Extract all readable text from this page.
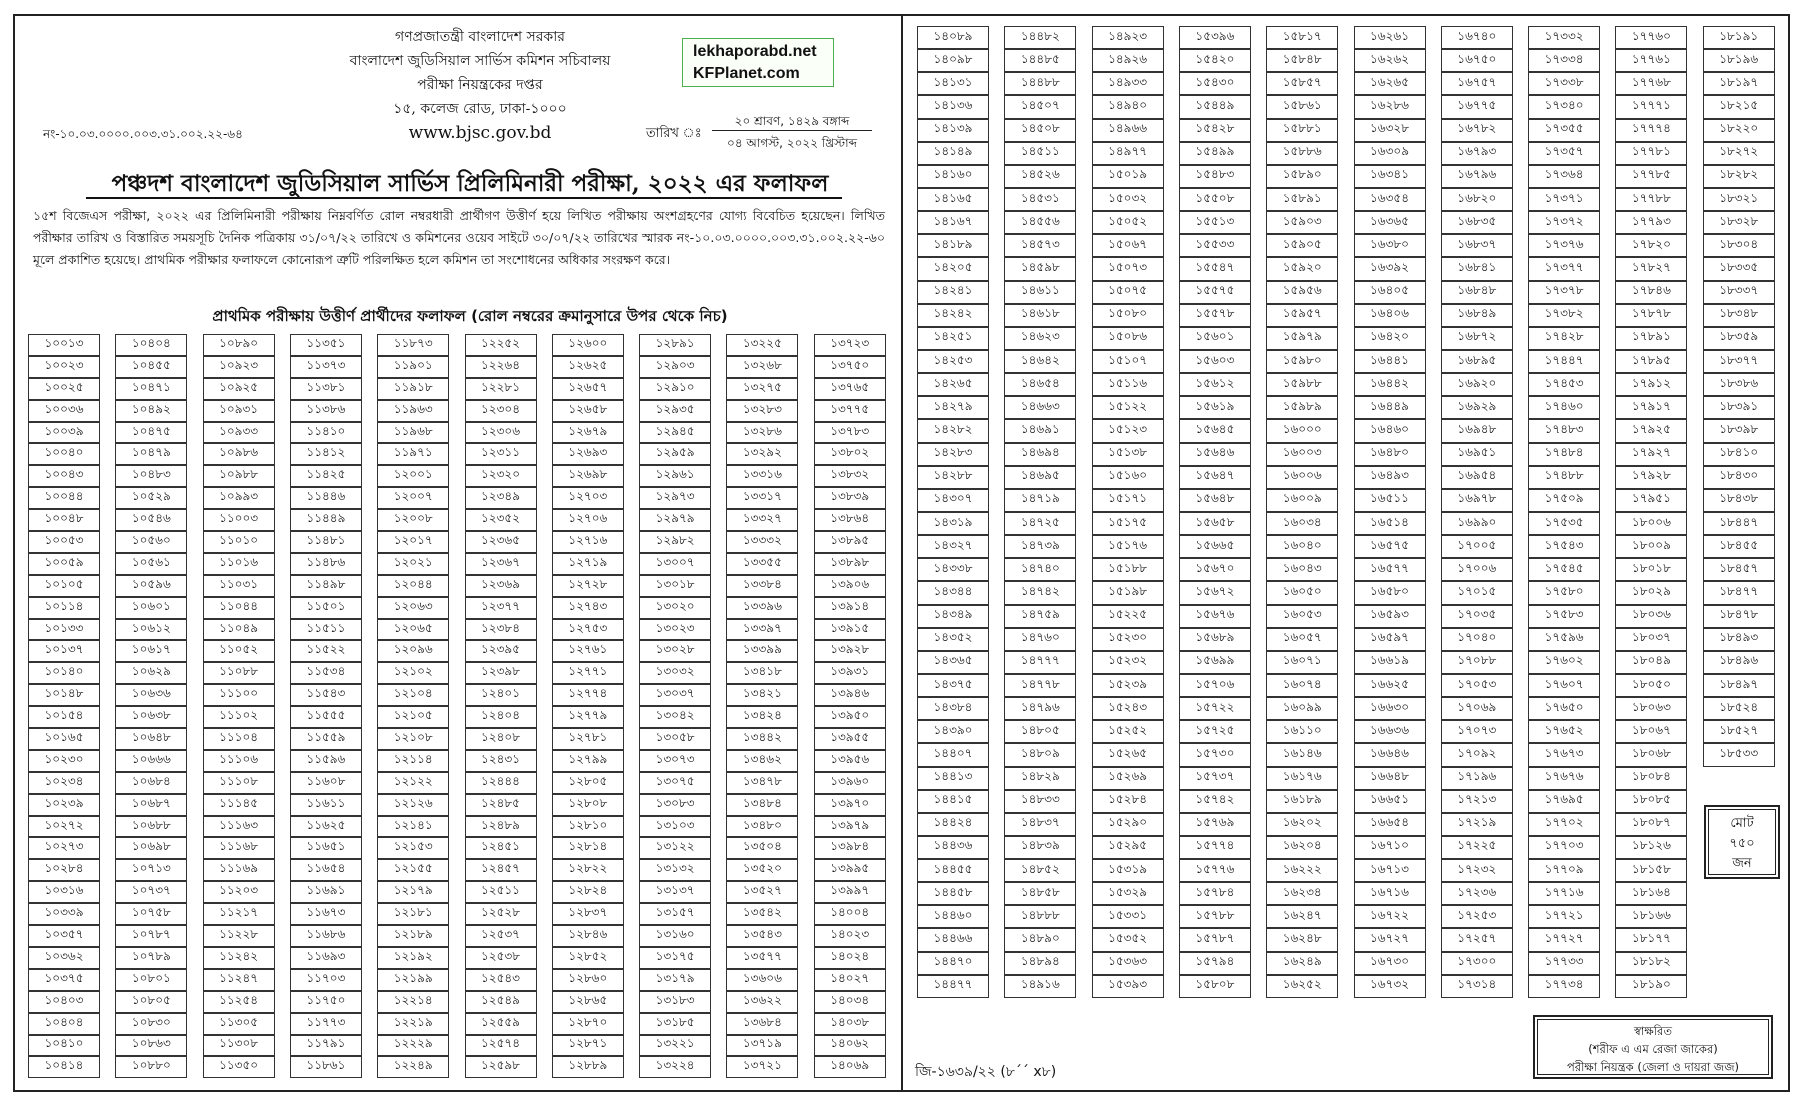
গণপ্রজাতন্ত্রী বাংলাদেশ সরকার
বাংলাদেশ জুডিসিয়াল সার্ভিস কমিশন সচিবালয়
পরীক্ষা নিয়ন্ত্রকের দপ্তর
১৫, কলেজ রোড, ঢাকা-১০০০
www.bjsc.gov.bd
lekhaporabd.net
KFPlanet.com
নং-১০.০৩.০০০০.০০৩.৩১.০০২.২২-৬৪	তারিখ ঃ
২০ শ্রাবণ, ১৪২৯ বঙ্গাব্দ
০৪ আগস্ট, ২০২২ খ্রিস্টাব্দ
পঞ্চদশ বাংলাদেশ জুডিসিয়াল সার্ভিস প্রিলিমিনারী পরীক্ষা, ২০২২ এর ফলাফল
১৫শ বিজেএস পরীক্ষা, ২০২২ এর প্রিলিমিনারী পরীক্ষায় নিম্নবর্ণিত রোল নম্বরধারী প্রার্থীগণ উত্তীর্ণ হয়ে লিখিত পরীক্ষায় অংশগ্রহণের যোগ্য বিবেচিত হয়েছেন। লিখিত পরীক্ষার তারিখ ও বিস্তারিত সময়সূচি দৈনিক পত্রিকায় ৩১/০৭/২২ তারিখে ও কমিশনের ওয়েব সাইটে ৩০/০৭/২২ তারিখের স্মারক নং-১০.০৩.০০০০.০০৩.৩১.০০২.২২-৬০ মূলে প্রকাশিত হয়েছে। প্রাথমিক পরীক্ষার ফলাফলে কোনোরূপ ত্রুটি পরিলক্ষিত হলে কমিশন তা সংশোধনের অধিকার সংরক্ষণ করে।
প্রাথমিক পরীক্ষায় উত্তীর্ণ প্রার্থীদের ফলাফল (রোল নম্বরের ক্রমানুসারে উপর থেকে নিচ)
১০০১৩
১০০২৩
১০০২৫
১০০৩৬
১০০৩৯
১০০৪০
১০০৪৩
১০০৪৪
১০০৪৮
১০০৫৩
১০০৫৯
১০১০৫
১০১১৪
১০১৩৩
১০১৩৭
১০১৪০
১০১৪৮
১০১৫৪
১০১৬৫
১০২৩০
১০২৩৪
১০২৩৯
১০২৭২
১০২৭৩
১০২৮৪
১০৩১৬
১০৩৩৯
১০৩৫৭
১০৩৬২
১০৩৭৫
১০৪০৩
১০৪০৪
১০৪১০
১০৪১৪
১০৪০৪
১০৪৫৫
১০৪৭১
১০৪৯২
১০৪৭৫
১০৪৭৯
১০৪৮৩
১০৫২৯
১০৫৪৬
১০৫৬০
১০৫৬১
১০৫৯৬
১০৬০১
১০৬১২
১০৬১৭
১০৬২৯
১০৬৩৬
১০৬৩৮
১০৬৪৮
১০৬৬৬
১০৬৮৪
১০৬৮৭
১০৬৮৮
১০৬৯৮
১০৭১৩
১০৭৩৭
১০৭৫৮
১০৭৮৭
১০৭৮৯
১০৮০১
১০৮০৫
১০৮৩০
১০৮৬৩
১০৮৮০
১০৮৯০
১০৯২৩
১০৯২৫
১০৯৩১
১০৯৩৩
১০৯৮৬
১০৯৮৮
১০৯৯৩
১১০০৩
১১০১০
১১০১৬
১১০৩১
১১০৪৪
১১০৪৯
১১০৫২
১১০৮৮
১১১০০
১১১০২
১১১০৪
১১১০৬
১১১০৮
১১১৪৫
১১১৬৩
১১১৬৮
১১১৬৯
১১২০৩
১১২১৭
১১২২৮
১১২৪২
১১২৪৭
১১২৫৪
১১৩০৫
১১৩০৮
১১৩৫০
১১৩৫১
১১৩৭৩
১১৩৮১
১১৩৮৬
১১৪১০
১১৪১২
১১৪২৫
১১৪৪৬
১১৪৪৯
১১৪৮১
১১৪৮৬
১১৪৯৮
১১৫০১
১১৫১১
১১৫২২
১১৫৩৪
১১৫৪৩
১১৫৫৫
১১৫৫৯
১১৫৯৬
১১৬০৮
১১৬১১
১১৬২৫
১১৬৫১
১১৬৫৪
১১৬৯১
১১৬৭৩
১১৬৮৬
১১৬৯৩
১১৭০৩
১১৭৫০
১১৭৭৩
১১৭৯১
১১৮৬১
১১৮৭৩
১১৯০১
১১৯১৮
১১৯৬৩
১১৯৬৮
১১৯৭১
১২০০১
১২০০৭
১২০০৮
১২০১৭
১২০২১
১২০৪৪
১২০৬৩
১২০৬৫
১২০৯৬
১২১০২
১২১০৪
১২১০৫
১২১০৮
১২১১৪
১২১২২
১২১২৬
১২১৪১
১২১৫৩
১২১৫৫
১২১৭৯
১২১৮১
১২১৮৯
১২১৯২
১২১৯৯
১২২১৪
১২২১৯
১২২২৯
১২২৪৯
১২২৫২
১২২৬৪
১২২৮১
১২৩০৪
১২৩০৬
১২৩১১
১২৩২০
১২৩৪৯
১২৩৫২
১২৩৬৫
১২৩৬৭
১২৩৬৯
১২৩৭৭
১২৩৮৪
১২৩৯৫
১২৩৯৮
১২৪০১
১২৪০৪
১২৪০৮
১২৪৩১
১২৪৪৪
১২৪৮৫
১২৪৮৯
১২৪৫১
১২৪৫৭
১২৫১১
১২৫২৮
১২৫৩৭
১২৫৩৮
১২৫৪৩
১২৫৪৯
১২৫৫৯
১২৫৭৪
১২৫৯৮
১২৬০০
১২৬২৫
১২৬৫৭
১২৬৫৮
১২৬৭৯
১২৬৯৩
১২৬৯৮
১২৭০৩
১২৭০৬
১২৭১৬
১২৭১৯
১২৭২৮
১২৭৪৩
১২৭৫৩
১২৭৬১
১২৭৭১
১২৭৭৪
১২৭৭৯
১২৭৮১
১২৭৯৯
১২৮০৫
১২৮০৮
১২৮১০
১২৮১৪
১২৮২২
১২৮২৪
১২৮৩৭
১২৮৪৬
১২৮৫২
১২৮৬০
১২৮৬৫
১২৮৭০
১২৮৭১
১২৮৮৯
১২৮৯১
১২৯০৩
১২৯১০
১২৯৩৫
১২৯৪৫
১২৯৫৯
১২৯৬১
১২৯৭৩
১২৯৭৯
১২৯৮২
১৩০০৭
১৩০১৮
১৩০২০
১৩০২৩
১৩০২৮
১৩০৩২
১৩০৩৭
১৩০৪২
১৩০৫৮
১৩০৭৩
১৩০৭৫
১৩০৮৩
১৩১০৩
১৩১২২
১৩১৩২
১৩১৩৭
১৩১৫৭
১৩১৬০
১৩১৭৫
১৩১৭৯
১৩১৮৩
১৩১৮৫
১৩২২১
১৩২২৪
১৩২২৫
১৩২৬৮
১৩২৭৫
১৩২৮৩
১৩২৮৬
১৩২৯২
১৩৩১৬
১৩৩১৭
১৩৩২৭
১৩৩৩২
১৩৩৫৫
১৩৩৮৪
১৩৩৯৬
১৩৩৯৭
১৩৩৯৯
১৩৪১৮
১৩৪২১
১৩৪২৪
১৩৪৪২
১৩৪৬২
১৩৪৭৮
১৩৪৮৪
১৩৪৮০
১৩৫০৪
১৩৫২০
১৩৫২৭
১৩৫৪২
১৩৫৪৩
১৩৫৭৭
১৩৬০৬
১৩৬২২
১৩৬৮৪
১৩৭১৯
১৩৭২১
১৩৭২৩
১৩৭৫০
১৩৭৬৫
১৩৭৭৫
১৩৭৮৩
১৩৮০২
১৩৮৩২
১৩৮৩৯
১৩৮৬৪
১৩৮৯৫
১৩৮৯৮
১৩৯০৬
১৩৯১৪
১৩৯১৫
১৩৯২৮
১৩৯৩১
১৩৯৪৬
১৩৯৫০
১৩৯৫৫
১৩৯৫৬
১৩৯৬০
১৩৯৭০
১৩৯৭৯
১৩৯৮৪
১৩৯৯৫
১৩৯৯৭
১৪০০৪
১৪০২৩
১৪০২৪
১৪০২৭
১৪০৩৪
১৪০৩৮
১৪০৬২
১৪০৬৯
১৪০৮৯
১৪০৯৮
১৪১৩১
১৪১৩৬
১৪১৩৯
১৪১৪৯
১৪১৬০
১৪১৬৫
১৪১৬৭
১৪১৮৯
১৪২০৫
১৪২৪১
১৪২৪২
১৪২৫১
১৪২৫৩
১৪২৬৫
১৪২৭৯
১৪২৮২
১৪২৮৩
১৪২৮৮
১৪৩০৭
১৪৩১৯
১৪৩২৭
১৪৩৩৮
১৪৩৪৪
১৪৩৪৯
১৪৩৫২
১৪৩৬৫
১৪৩৭৫
১৪৩৮৪
১৪৩৯০
১৪৪০৭
১৪৪১৩
১৪৪১৫
১৪৪২৪
১৪৪৩৬
১৪৪৫৫
১৪৪৫৮
১৪৪৬০
১৪৪৬৬
১৪৪৭০
১৪৪৭৭
১৪৪৮২
১৪৪৮৫
১৪৪৮৮
১৪৫০৭
১৪৫০৮
১৪৫১১
১৪৫২৬
১৪৫৩১
১৪৫৫৬
১৪৫৭৩
১৪৫৯৮
১৪৬১১
১৪৬১৮
১৪৬২৩
১৪৬৪২
১৪৬৫৪
১৪৬৬৩
১৪৬৯১
১৪৬৯৪
১৪৬৯৫
১৪৭১৯
১৪৭২৫
১৪৭৩৯
১৪৭৪০
১৪৭৪২
১৪৭৫৯
১৪৭৬০
১৪৭৭৭
১৪৭৭৮
১৪৭৯৬
১৪৮০৫
১৪৮০৯
১৪৮২৯
১৪৮৩৩
১৪৮৩৭
১৪৮৩৯
১৪৮৫২
১৪৮৫৮
১৪৮৮৮
১৪৮৯০
১৪৮৯৪
১৪৯১৬
১৪৯২৩
১৪৯২৬
১৪৯৩৩
১৪৯৪০
১৪৯৬৬
১৪৯৭৭
১৫০১৯
১৫০৩২
১৫০৫২
১৫০৬৭
১৫০৭৩
১৫০৭৫
১৫০৮০
১৫০৮৬
১৫১০৭
১৫১১৬
১৫১২২
১৫১২৩
১৫১৩৮
১৫১৬০
১৫১৭১
১৫১৭৫
১৫১৭৬
১৫১৮৮
১৫১৯৮
১৫২২৫
১৫২৩০
১৫২৩২
১৫২৩৯
১৫২৪৩
১৫২৫২
১৫২৬৫
১৫২৬৯
১৫২৮৪
১৫২৯০
১৫২৯৫
১৫৩১৯
১৫৩২৯
১৫৩৩১
১৫৩৫২
১৫৩৬৩
১৫৩৯৩
১৫৩৯৬
১৫৪২০
১৫৪৩০
১৫৪৪৯
১৫৪২৮
১৫৪৯৯
১৫৪৮৩
১৫৫০৮
১৫৫১৩
১৫৫৩৩
১৫৫৪৭
১৫৫৭৫
১৫৫৭৮
১৫৬০১
১৫৬০৩
১৫৬১২
১৫৬১৯
১৫৬৪৫
১৫৬৪৬
১৫৬৪৭
১৫৬৪৮
১৫৬৫৮
১৫৬৬৫
১৫৬৭০
১৫৬৭২
১৫৬৭৬
১৫৬৮৯
১৫৬৯৯
১৫৭০৬
১৫৭২২
১৫৭২৫
১৫৭৩০
১৫৭৩৭
১৫৭৪২
১৫৭৬৯
১৫৭৭৪
১৫৭৭৬
১৫৭৮৪
১৫৭৮৮
১৫৭৮৭
১৫৭৯৪
১৫৮০৮
১৫৮১৭
১৫৮৪৮
১৫৮৫৭
১৫৮৬১
১৫৮৮১
১৫৮৮৬
১৫৮৯০
১৫৮৯১
১৫৯০৩
১৫৯০৫
১৫৯২০
১৫৯৫৬
১৫৯৫৭
১৫৯৭৯
১৫৯৮০
১৫৯৮৮
১৫৯৮৯
১৬০০০
১৬০০৩
১৬০০৬
১৬০০৯
১৬০৩৪
১৬০৪০
১৬০৪৩
১৬০৫০
১৬০৫৩
১৬০৫৭
১৬০৭১
১৬০৭৪
১৬০৯৯
১৬১১০
১৬১৪৬
১৬১৭৬
১৬১৮৯
১৬২০২
১৬২০৪
১৬২২২
১৬২৩৪
১৬২৪৭
১৬২৪৮
১৬২৪৯
১৬২৫২
১৬২৬১
১৬২৬২
১৬২৬৫
১৬২৮৬
১৬৩২৮
১৬৩০৯
১৬৩৪১
১৬৩৫৪
১৬৩৬৫
১৬৩৮০
১৬৩৯২
১৬৪০৫
১৬৪০৬
১৬৪২০
১৬৪৪১
১৬৪৪২
১৬৪৪৯
১৬৪৬০
১৬৪৮০
১৬৪৯৩
১৬৫১১
১৬৫১৪
১৬৫৭৫
১৬৫৭৭
১৬৫৮০
১৬৫৯৩
১৬৫৯৭
১৬৬১৯
১৬৬২৫
১৬৬৩০
১৬৬৩৬
১৬৬৪৬
১৬৬৪৮
১৬৬৫১
১৬৬৫৪
১৬৭১০
১৬৭১৩
১৬৭১৬
১৬৭২২
১৬৭২৭
১৬৭৩০
১৬৭৩২
১৬৭৪০
১৬৭৫০
১৬৭৫৭
১৬৭৭৫
১৬৭৮২
১৬৭৯৩
১৬৭৯৬
১৬৮২০
১৬৮৩৫
১৬৮৩৭
১৬৮৪১
১৬৮৪৮
১৬৮৪৯
১৬৮৭২
১৬৮৯৫
১৬৯২০
১৬৯২৯
১৬৯৪৮
১৬৯৫১
১৬৯৫৪
১৬৯৭৮
১৬৯৯০
১৭০০৫
১৭০০৬
১৭০১৫
১৭০৩৫
১৭০৪০
১৭০৮৮
১৭০৫৩
১৭০৬৯
১৭০৭৩
১৭০৯২
১৭১৯৬
১৭২১৩
১৭২১৯
১৭২২৫
১৭২৩২
১৭২৩৬
১৭২৫৩
১৭২৫৭
১৭৩০০
১৭৩১৪
১৭৩৩২
১৭৩৩৪
১৭৩৩৮
১৭৩৪০
১৭৩৫৫
১৭৩৫৭
১৭৩৬৪
১৭৩৭১
১৭৩৭২
১৭৩৭৬
১৭৩৭৭
১৭৩৭৮
১৭৩৮২
১৭৪২৮
১৭৪৪৭
১৭৪৫৩
১৭৪৬০
১৭৪৮৩
১৭৪৮৪
১৭৪৮৮
১৭৫০৯
১৭৫৩৫
১৭৫৪৩
১৭৫৪৫
১৭৫৮০
১৭৫৮৩
১৭৫৯৬
১৭৬০২
১৭৬০৭
১৭৬৫০
১৭৬৫২
১৭৬৭৩
১৭৬৭৬
১৭৬৯৫
১৭৭০২
১৭৭০৩
১৭৭০৯
১৭৭১৬
১৭৭২১
১৭৭২৭
১৭৭৩৩
১৭৭৩৪
১৭৭৬০
১৭৭৬১
১৭৭৬৮
১৭৭৭১
১৭৭৭৪
১৭৭৮১
১৭৭৮৫
১৭৭৮৮
১৭৭৯৩
১৭৮২০
১৭৮২৭
১৭৮৪৬
১৭৮৭৮
১৭৮৯১
১৭৮৯৫
১৭৯১২
১৭৯১৭
১৭৯২৫
১৭৯২৭
১৭৯২৮
১৭৯৫১
১৮০০৬
১৮০০৯
১৮০১৮
১৮০২৯
১৮০৩৬
১৮০৩৭
১৮০৪৯
১৮০৫০
১৮০৬৩
১৮০৬৭
১৮০৬৮
১৮০৮৪
১৮০৮৫
১৮০৮৭
১৮১২৬
১৮১৫৮
১৮১৬৪
১৮১৬৬
১৮১৭৭
১৮১৮২
১৮১৯০
১৮১৯১
১৮১৯৬
১৮১৯৭
১৮২১৫
১৮২২০
১৮২৭২
১৮২৮২
১৮৩২১
১৮৩২৮
১৮৩০৪
১৮৩৩৫
১৮৩৩৭
১৮৩৪৮
১৮৩৫৯
১৮৩৭৭
১৮৩৮৬
১৮৩৯১
১৮৩৯৮
১৮৪১০
১৮৪৩০
১৮৪৩৮
১৮৪৪৭
১৮৪৫৫
১৮৪৫৭
১৮৪৭৭
১৮৪৭৮
১৮৪৯৩
১৮৪৯৬
১৮৪৯৭
১৮৫২৪
১৮৫২৭
১৮৫৩৩
মোট
৭৫০
জন
জি-১৬৩৯/২২ (৮´´ x৮)
স্বাক্ষরিত
(শরীফ এ এম রেজা জাকের)
পরীক্ষা নিয়ন্ত্রক (জেলা ও দায়রা জজ)
